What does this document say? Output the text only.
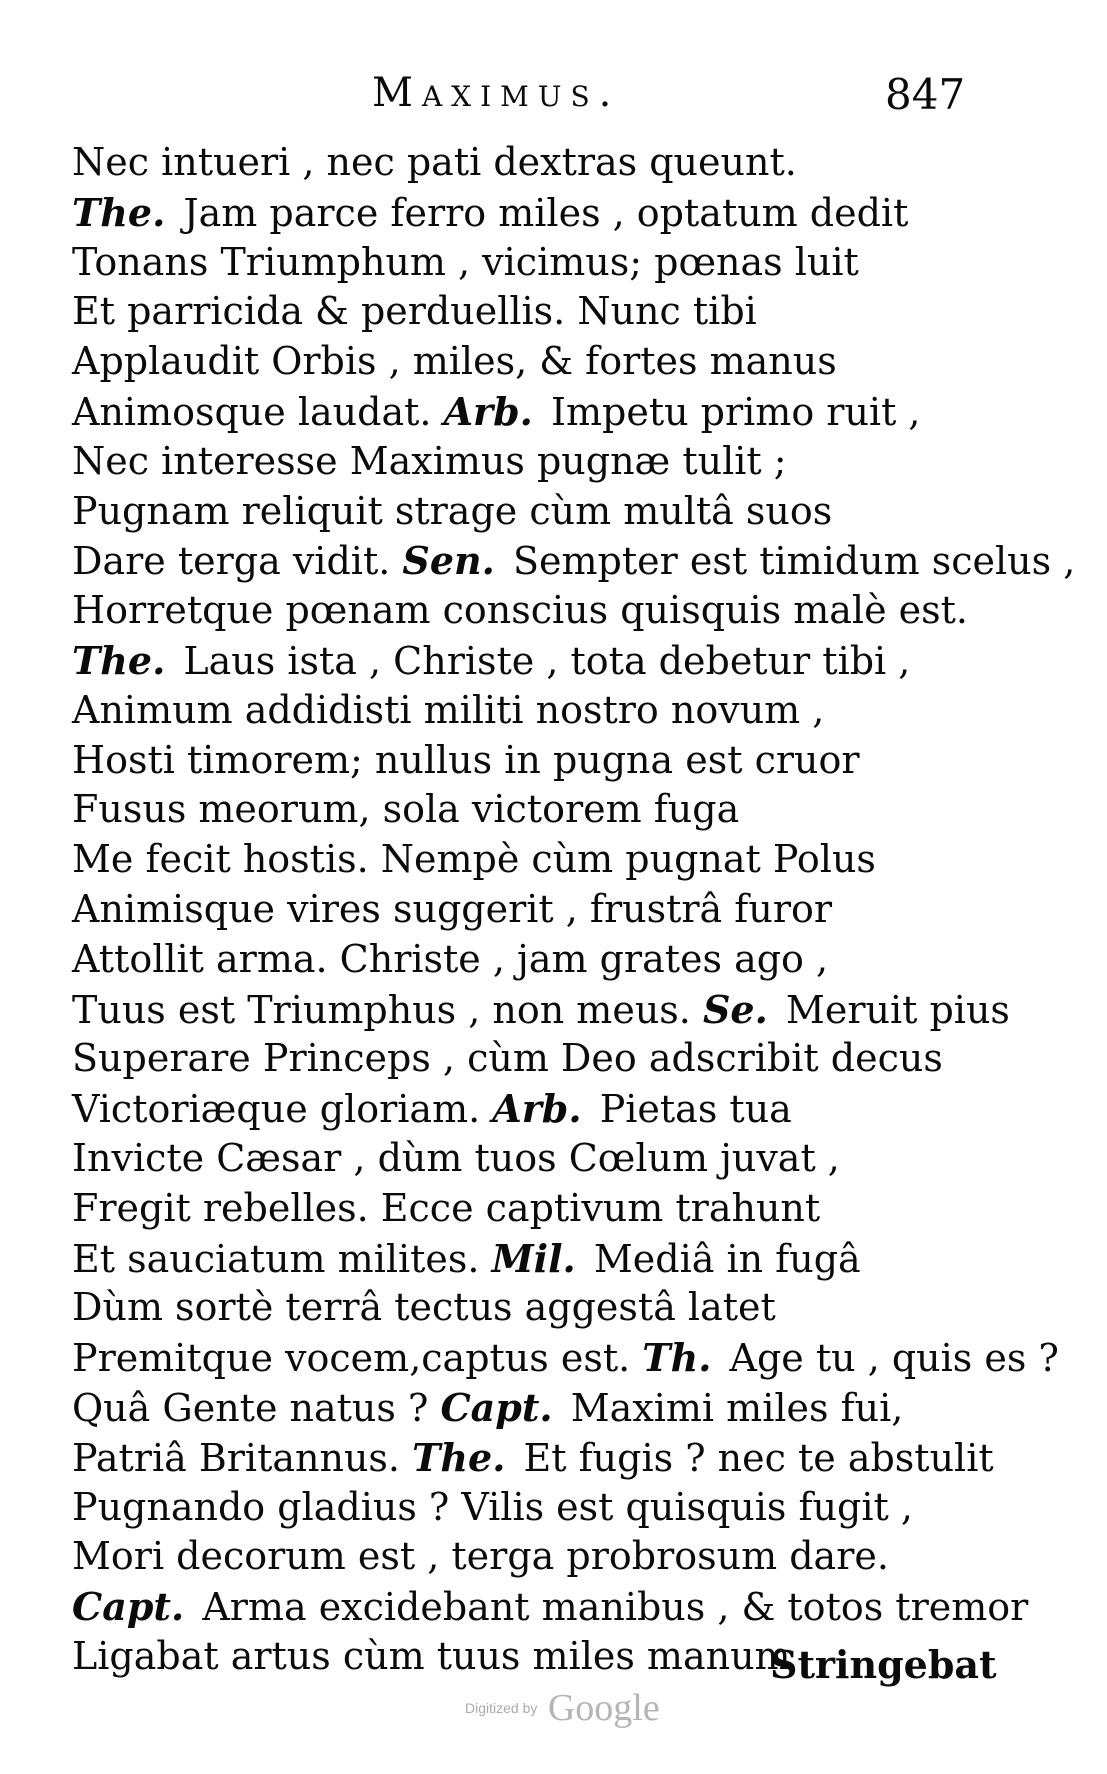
Maximus.	847
Nec intueri , nec pati dextras queunt.
Thе. Jam parce ferro miles , optatum dedit
Tonans Triumphum , vicimus; pœnas luit
Et parricida & perduellis. Nunc tibi
Applaudit Orbis , miles, & fortes manus
Animosque laudat. Arb. Impetu primo ruit ,
Nec interesse Maximus pugnæ tulit ;
Pugnam reliquit strage cùm multâ suos
Dare terga vidit. Sen. Sempter est timidum scelus ,
Horretque pœnam conscius quisquis malè est.
The. Laus ista , Christe , tota debetur tibi ,
Animum addidisti militi nostro novum ,
Hosti timorem; nullus in pugna est cruor
Fusus meorum, sola victorem fuga
Me fecit hostis. Nempè cùm pugnat Polus
Animisque vires suggerit , frustrâ furor
Attollit arma. Christe , jam grates ago ,
Tuus est Triumphus , non meus. Se. Meruit pius
Superare Princeps , cùm Deo adscribit decus
Victoriæque gloriam. Arb. Pietas tua
Invicte Cæsar , dùm tuos Cœlum juvat ,
Fregit rebelles. Ecce captivum trahunt
Et sauciatum milites. Mil. Mediâ in fugâ
Dùm sortè terrâ tectus aggestâ latet
Premitque vocem,captus est. Th. Age tu , quis es ?
Quâ Gente natus ? Capt. Maximi miles fui,
Patriâ Britannus. The. Et fugis ? nec te abstulit
Pugnando gladius ? Vilis est quisquis fugit ,
Mori decorum est , terga probrosum dare.
Capt. Arma excidebant manibus , & totos tremor
Ligabat artus cùm tuus miles manum
Stringebat
Digitized by Google
